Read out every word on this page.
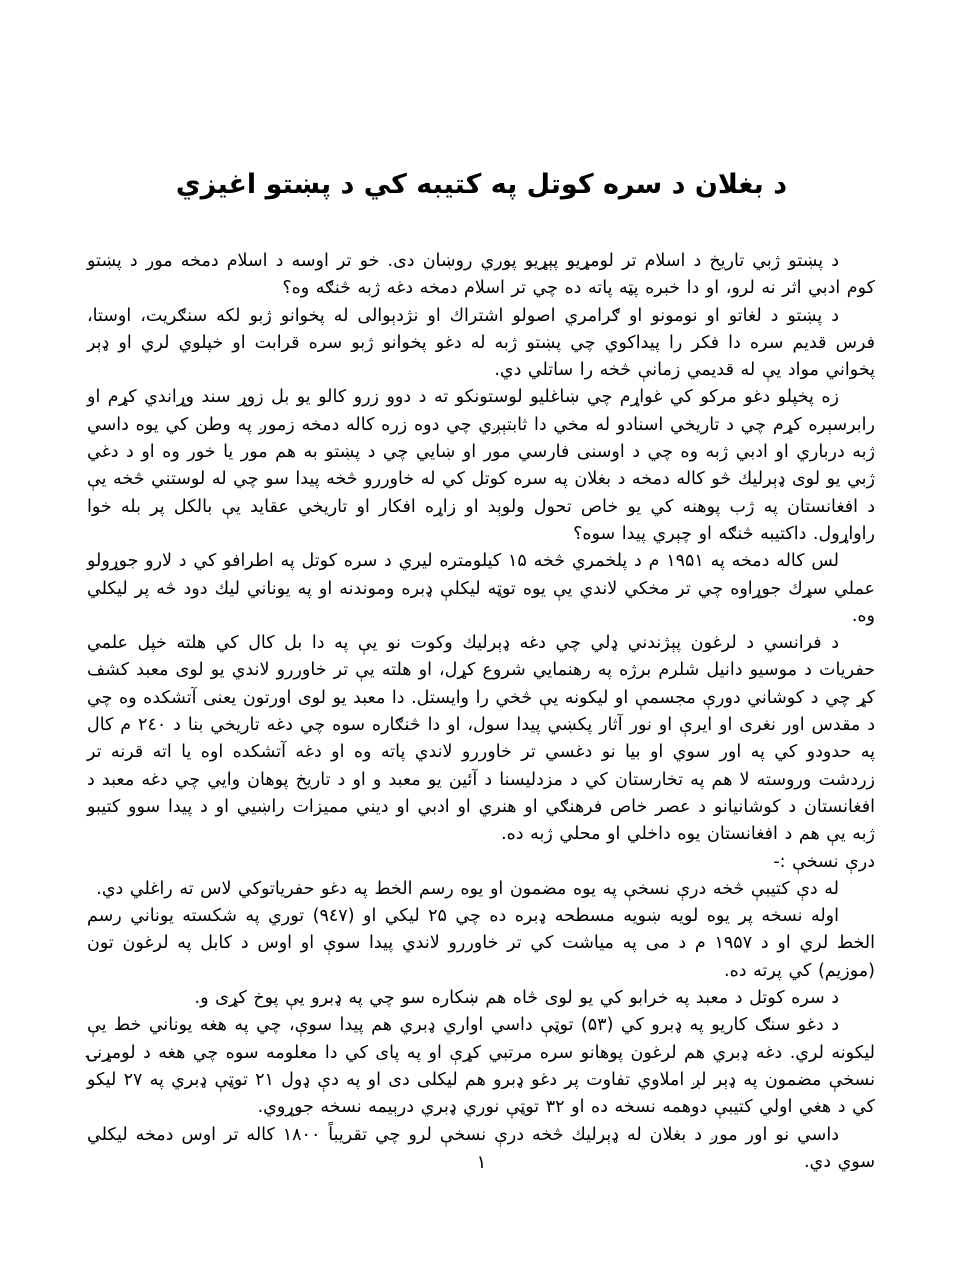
د بغلان د سره کوتل په کتیبه کي د پښتو اغیزي

د پښتو ژبي تاریخ د اسلام تر لومړیو پېړیو پوري روښان دی. خو تر اوسه د اسلام دمخه مور د پښتو کوم ادبي اثر نه لرو، او دا خبره پټه پاته ده چي تر اسلام دمخه دغه ژبه څنګه وه؟

د پښتو د لغاتو او نومونو او ګرامري اصولو اشتراك او نژدېوالی له پخوانو ژبو لکه سنګریت، اوستا، فرس قدیم سره دا فکر را پیداکوي چي پښتو ژبه له دغو پخوانو ژبو سره قرابت او خپلوي لري او ډېر پخواني مواد یې له قدیمي زمانې څخه را ساتلي دي.

زه پخپلو دغو مرکو کي غواړم چي ښاغلیو لوستونکو ته د دوو زرو کالو یو بل زوړ سند وړاندي کړم او رابرسېره کړم چي د تاریخي اسنادو له مخي دا ثابتېږي چي دوه زره کاله دمخه زموږ په وطن کي یوه داسي ژبه درباري او ادبي ژبه وه چي د اوسنی فارسي مور او ښایي چي د پښتو به هم مور یا خور وه او د دغي ژبي یو لوی ډېرلیك څو کاله دمخه د بغلان په سره کوتل کي له خاوررو څخه پیدا سو چي له لوستني څخه یې د افغانستان په ژب پوهنه کي یو خاص تحول ولوېد او زاړه افکار او تاریخي عقاید یې بالکل پر بله خوا راواړول. داکتیبه څنګه او چېري پیدا سوه؟

لس کاله دمخه په ۱۹۵۱ م د پلخمري څخه ۱۵ کیلومتره لیري د سره کوتل په اطرافو کي د لارو جوړولو عملي سړك جوړاوه چي تر مخکي لاندي یې یوه توټه لیکلې ډبره وموندنه او په یوناني لیك دود څه پر لیکلي وه.

د فرانسي د لرغون پېژندني ډلي چي دغه ډېرلیك وکوت نو یې په دا بل کال کي هلته خپل علمي حفریات د موسیو دانیل شلرم برژه په رهنمایي شروع کړل، او هلته یې تر خاوررو لاندي یو لوی معبد کشف کړ چي د کوشاني دورې مجسمې او لیکونه یې څخي را وایستل. دا معبد یو لوی اورتون یعنی آتشکده وه چي د مقدس اور نغری او ایرې او نور آثار پکښي پیدا سول، او دا څنګاره سوه چي دغه تاریخي بنا د ۲٤۰ م کال په حدودو کي په اور سوي او بیا نو دغسي تر خاوررو لاندي پاته وه او دغه آتشکده اوه یا اته قرنه تر زردشت وروسته لا هم په تخارستان کي د مزدلیسنا د آئین یو معبد و او د تاریخ پوهان وایي چي دغه معبد د افغانستان د کوشانیانو د عصر خاص فرهنګي او هنري او ادبي او دیني ممیزات راښیي او د پیدا سوو کتیبو ژبه یې هم د افغانستان یوه داخلي او محلي ژبه ده.

درې نسخې :-

له دې کتیبې څخه درې نسخې په یوه مضمون او یوه رسم الخط په دغو حفریاتوکي لاس ته راغلي دي.

اوله نسخه پر یوه لویه ښویه مسطحه ډبره ده چي ۲۵ لیکي او (۹٤۷) توري په شکسته یوناني رسم الخط لري او د ۱۹۵۷ م د می په میاشت کي تر خاوررو لاندي پیدا سوې او اوس د کابل په لرغون تون (موزیم) کي پرته ده.

د سره کوتل د معبد په خرابو کي یو لوی څاه هم ښکاره سو چي په ډبرو یې پوخ کړی و.

د دغو سنګ کاریو په ډبرو کي (۵۳) توټې داسي اواري ډبري هم پیدا سوې، چي په هغه یوناني خط یې لیکونه لري. دغه ډبري هم لرغون پوهانو سره مرتبي کړې او په پای کي دا معلومه سوه چي هغه د لومړنۍ نسخې مضمون په ډېر لږ املاوي تفاوت پر دغو ډبرو هم لیکلی دی او په دې ډول ۲۱ توټې ډبري په ۲۷ لیکو کي د هغي اولي کتیبې دوهمه نسخه ده او ۳۲ توټې نوري ډبري درېیمه نسخه جوړوي.

داسي نو اور موږ د بغلان له ډېرلیك څخه درې نسخې لرو چي تقریباً ۱۸۰۰ کاله تر اوس دمخه لیکلي سوي دي.

۱
